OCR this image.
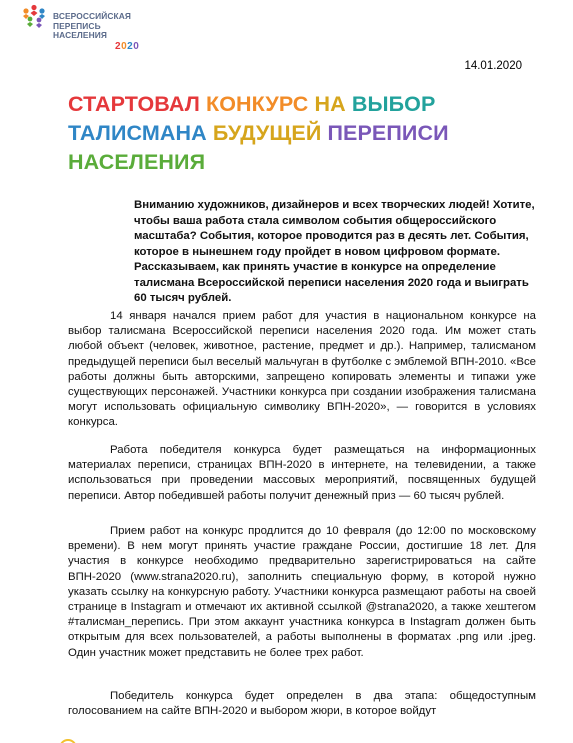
ВСЕРОССИЙСКАЯ
ПЕРЕПИСЬ
НАСЕЛЕНИЯ
2020
14.01.2020
СТАРТОВАЛ КОНКУРС НА ВЫБОР
ТАЛИСМАНА БУДУЩЕЙ ПЕРЕПИСИ
НАСЕЛЕНИЯ

Вниманию художников, дизайнеров и всех творческих людей! Хотите, чтобы ваша работа стала символом события общероссийского масштаба? События, которое проводится раз в десять лет. События, которое в нынешнем году пройдет в новом цифровом формате. Рассказываем, как принять участие в конкурсе на определение талисмана Всероссийской переписи населения 2020 года и выиграть 60 тысяч рублей.

14 января начался прием работ для участия в национальном конкурсе на выбор талисмана Всероссийской переписи населения 2020 года. Им может стать любой объект (человек, животное, растение, предмет и др.). Например, талисманом предыдущей переписи был веселый мальчуган в футболке с эмблемой ВПН-2010. «Все работы должны быть авторскими, запрещено копировать элементы и типажи уже существующих персонажей. Участники конкурса при создании изображения талисмана могут использовать официальную символику ВПН-2020», — говорится в условиях конкурса.

Работа победителя конкурса будет размещаться на информационных материалах переписи, страницах ВПН-2020 в интернете, на телевидении, а также использоваться при проведении массовых мероприятий, посвященных будущей переписи. Автор победившей работы получит денежный приз — 60 тысяч рублей.

Прием работ на конкурс продлится до 10 февраля (до 12:00 по московскому времени). В нем могут принять участие граждане России, достигшие 18 лет. Для участия в конкурсе необходимо предварительно зарегистрироваться на сайте ВПН-2020 (www.strana2020.ru), заполнить специальную форму, в которой нужно указать ссылку на конкурсную работу. Участники конкурса размещают работы на своей странице в Instagram и отмечают их активной ссылкой @strana2020, а также хештегом #талисман_перепись. При этом аккаунт участника конкурса в Instagram должен быть открытым для всех пользователей, а работы выполнены в форматах .png или .jpeg. Один участник может представить не более трех работ.

Победитель конкурса будет определен в два этапа: общедоступным голосованием на сайте ВПН-2020 и выбором жюри, в которое войдут
